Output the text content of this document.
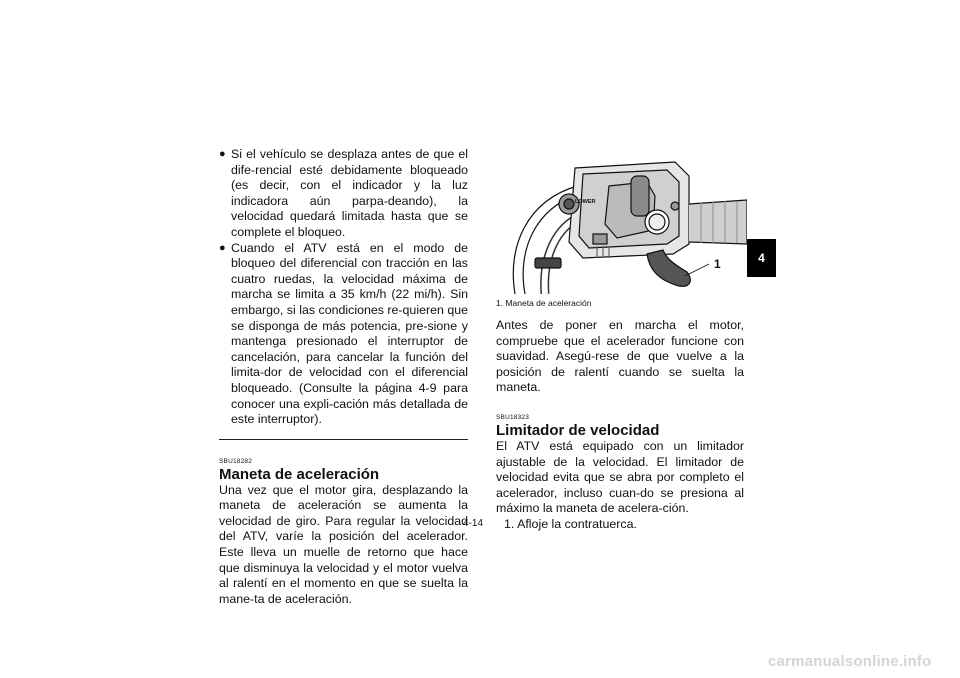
● Si el vehículo se desplaza antes de que el dife-rencial esté debidamente bloqueado (es decir, con el indicador y la luz indicadora aún parpa-deando), la velocidad quedará limitada hasta que se complete el bloqueo.
● Cuando el ATV está en el modo de bloqueo del diferencial con tracción en las cuatro ruedas, la velocidad máxima de marcha se limita a 35 km/h (22 mi/h). Sin embargo, si las condiciones re-quieren que se disponga de más potencia, pre-sione y mantenga presionado el interruptor de cancelación, para cancelar la función del limita-dor de velocidad con el diferencial bloqueado. (Consulte la página 4-9 para conocer una expli-cación más detallada de este interruptor).
SBU18282
Maneta de aceleración

Una vez que el motor gira, desplazando la maneta de aceleración se aumenta la velocidad de giro. Para regular la velocidad del ATV, varíe la posición del acelerador. Este lleva un muelle de retorno que hace que disminuya la velocidad y el motor vuelva al ralentí en el momento en que se suelta la mane-ta de aceleración.

LOWER
1
1. Maneta de aceleración

Antes de poner en marcha el motor, compruebe que el acelerador funcione con suavidad. Asegú-rese de que vuelve a la posición de ralentí cuando se suelta la maneta.

SBU18323
Limitador de velocidad

El ATV está equipado con un limitador ajustable de la velocidad. El limitador de velocidad evita que se abra por completo el acelerador, incluso cuan-do se presiona al máximo la maneta de acelera-ción.

1. Afloje la contratuerca.
4
4-14
carmanualsonline.info
